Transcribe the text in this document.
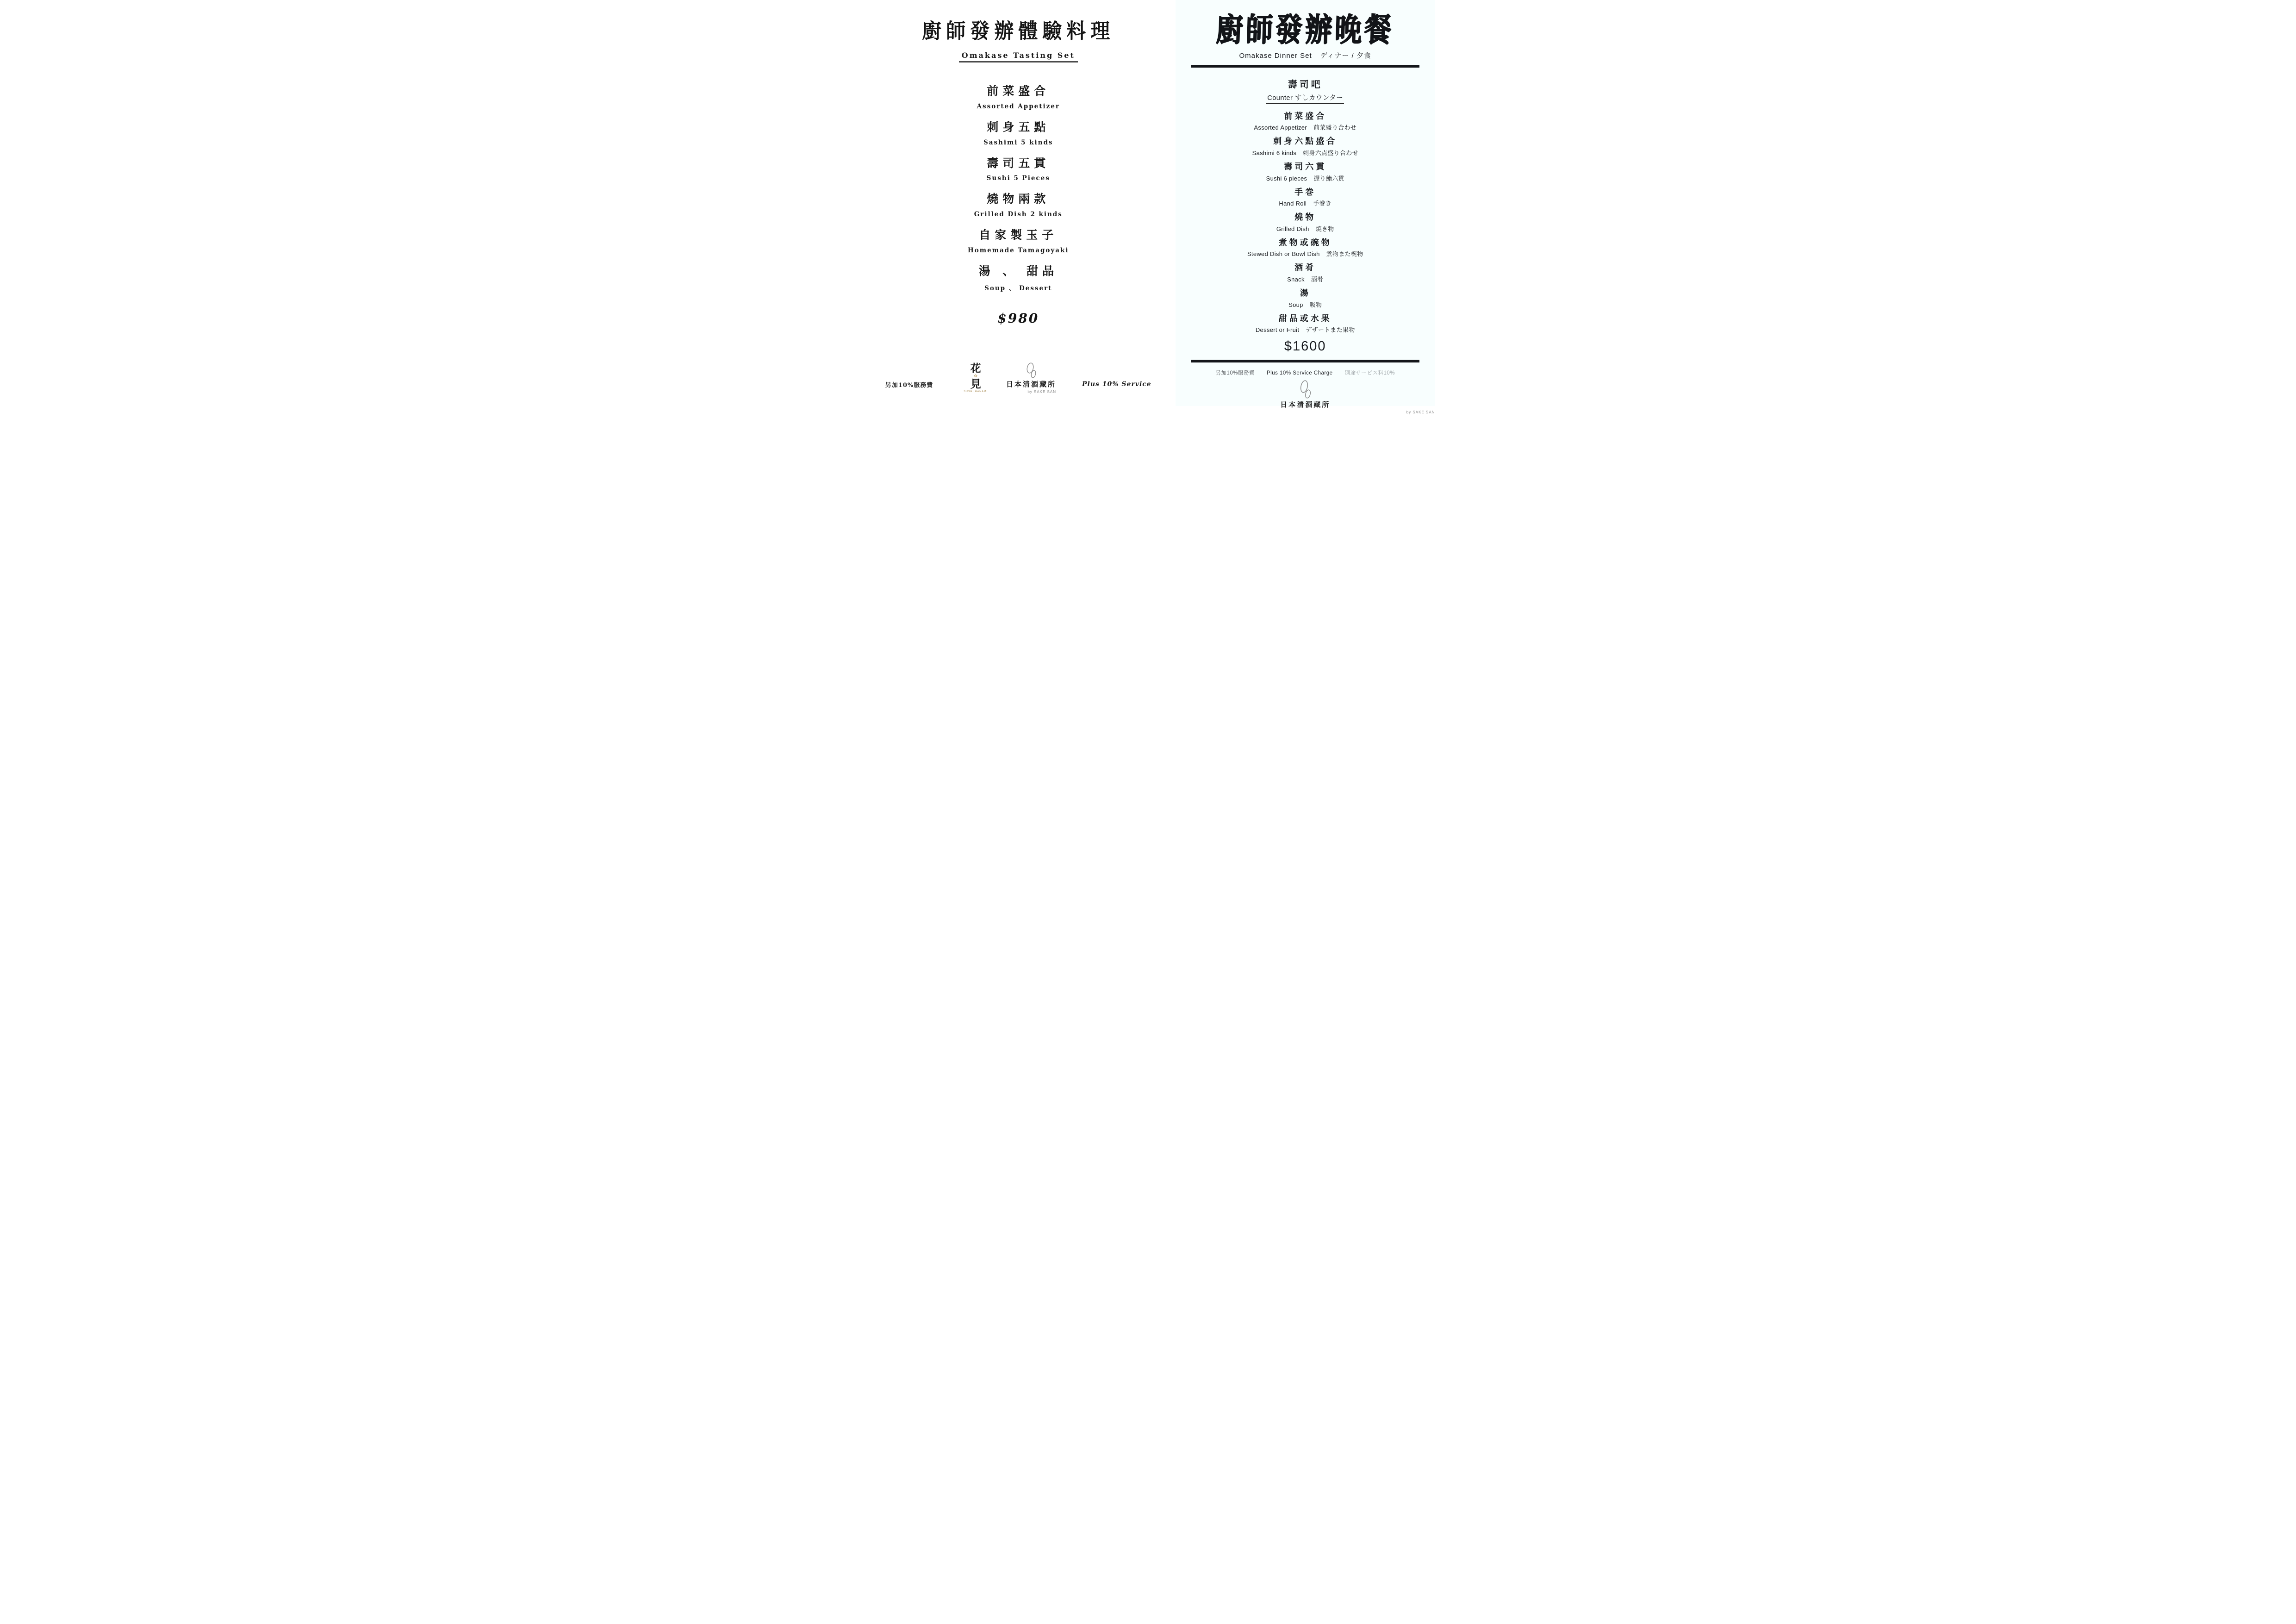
廚師發辦體驗料理
Omakase Tasting Set
前菜盛合
Assorted Appetizer
刺身五點
Sashimi 5 kinds
壽司五貫
Sushi 5 Pieces
燒物兩款
Grilled Dish 2 kinds
自家製玉子
Homemade Tamagoyaki
湯 、 甜品
Soup 、 Dessert
$980
另加10%服務費
花
✿
見
SUSHI HANAMI
日本清酒藏所
by SAKE SAN
Plus 10% Service
廚師發辦晚餐
Omakase Dinner Set ディナー / 夕食
壽司吧
Counter すしカウンター
前菜盛合
Assorted Appetizer 前菜盛り合わせ
刺身六點盛合
Sashimi 6 kinds 刺身六点盛り合わせ
壽司六貫
Sushi 6 pieces 握り鮨六貫
手巻
Hand Roll 手巻き
燒物
Grilled Dish 焼き物
煮物或碗物
Stewed Dish or Bowl Dish 煮物また椀物
酒肴
Snack 酒肴
湯
Soup 吸物
甜品或水果
Dessert or Fruit デザートまた果物
$1600
另加10%服務費 Plus 10% Service Charge 別途サービス料10%
日本清酒藏所
by SAKE SAN
